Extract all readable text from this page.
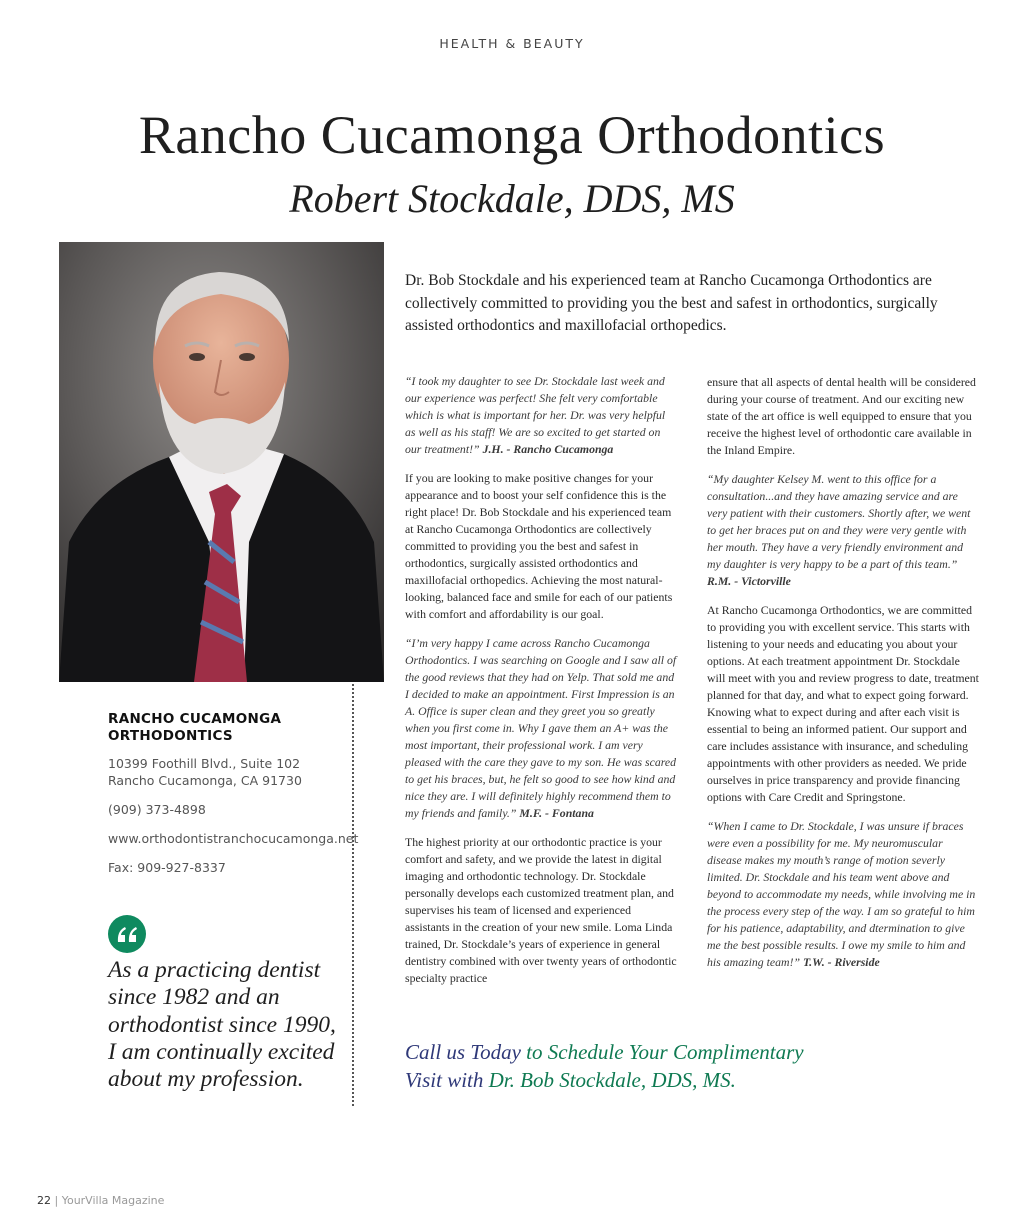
HEALTH & BEAUTY
Rancho Cucamonga Orthodontics
Robert Stockdale, DDS, MS
RANCHO CUCAMONGA
ORTHODONTICS
10399 Foothill Blvd., Suite 102
Rancho Cucamonga, CA 91730
(909) 373-4898
www.orthodontistranchocucamonga.net
Fax: 909-927-8337
As a practicing dentist since 1982 and an orthodontist since 1990, I am continually excited about my profession.
Dr. Bob Stockdale and his experienced team at Rancho Cucamonga Orthodontics are collectively committed to providing you the best and safest in orthodontics, surgically assisted orthodontics and maxillofacial orthopedics.

“I took my daughter to see Dr. Stockdale last week and our experience was perfect! She felt very comfortable which is what is important for her. Dr. was very helpful as well as his staff! We are so excited to get started on our treatment!” J.H. - Rancho Cucamonga

If you are looking to make positive changes for your appearance and to boost your self confidence this is the right place! Dr. Bob Stockdale and his experienced team at Rancho Cucamonga Orthodontics are collectively committed to providing you the best and safest in orthodontics, surgically assisted orthodontics and maxillofacial orthopedics. Achieving the most natural-looking, balanced face and smile for each of our patients with comfort and affordability is our goal.

“I’m very happy I came across Rancho Cucamonga Orthodontics. I was searching on Google and I saw all of the good reviews that they had on Yelp. That sold me and I decided to make an appointment. First Impression is an A. Office is super clean and they greet you so greatly when you first come in. Why I gave them an A+ was the most important, their professional work. I am very pleased with the care they gave to my son. He was scared to get his braces, but, he felt so good to see how kind and nice they are. I will definitely highly recommend them to my friends and family.” M.F. - Fontana

The highest priority at our orthodontic practice is your comfort and safety, and we provide the latest in digital imaging and orthodontic technology. Dr. Stockdale personally develops each customized treatment plan, and supervises his team of licensed and experienced assistants in the creation of your new smile. Loma Linda trained, Dr. Stockdale’s years of experience in general dentistry combined with over twenty years of orthodontic specialty practice

ensure that all aspects of dental health will be considered during your course of treatment. And our exciting new state of the art office is well equipped to ensure that you receive the highest level of orthodontic care available in the Inland Empire.

“My daughter Kelsey M. went to this office for a consultation...and they have amazing service and are very patient with their customers. Shortly after, we went to get her braces put on and they were very gentle with her mouth. They have a very friendly environment and my daughter is very happy to be a part of this team.” R.M. - Victorville

At Rancho Cucamonga Orthodontics, we are committed to providing you with excellent service. This starts with listening to your needs and educating you about your options. At each treatment appointment Dr. Stockdale will meet with you and review progress to date, treatment planned for that day, and what to expect going forward. Knowing what to expect during and after each visit is essential to being an informed patient. Our support and care includes assistance with insurance, and scheduling appointments with other providers as needed. We pride ourselves in price transparency and provide financing options with Care Credit and Springstone.

“When I came to Dr. Stockdale, I was unsure if braces were even a possibility for me. My neuromuscular disease makes my mouth’s range of motion severly limited. Dr. Stockdale and his team went above and beyond to accommodate my needs, while involving me in the process every step of the way. I am so grateful to him for his patience, adaptability, and dtermination to give me the best possible results. I owe my smile to him and his amazing team!” T.W. - Riverside

Call us Today to Schedule Your Complimentary
Visit with Dr. Bob Stockdale, DDS, MS.
22 | YourVilla Magazine
